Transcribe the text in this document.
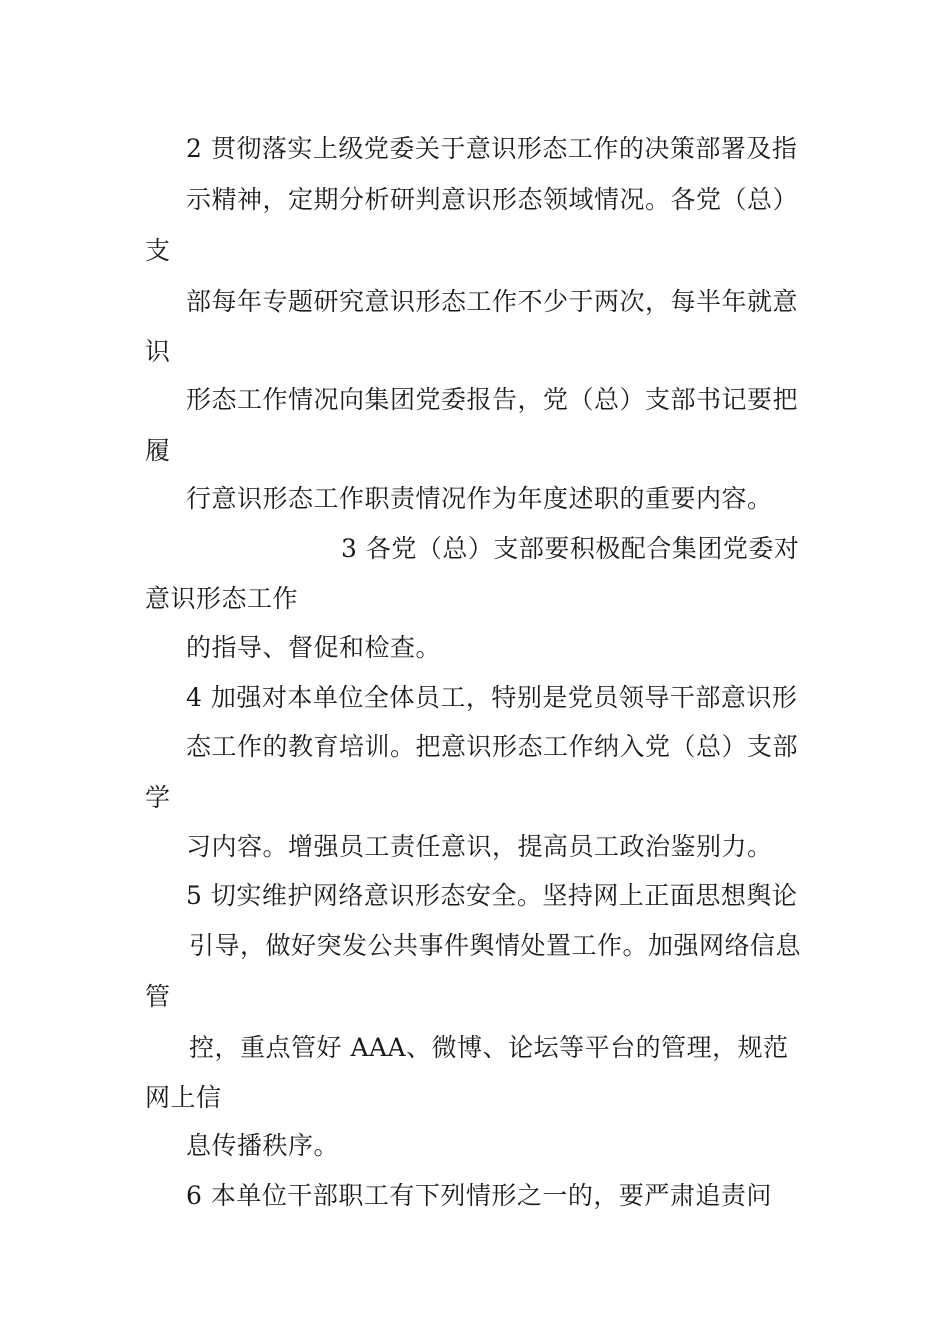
2 贯彻落实上级党委关于意识形态工作的决策部署及指
示精神，定期分析研判意识形态领域情况。各党（总）
支
部每年专题研究意识形态工作不少于两次，每半年就意
识
形态工作情况向集团党委报告，党（总）支部书记要把
履
行意识形态工作职责情况作为年度述职的重要内容。
3 各党（总）支部要积极配合集团党委对
意识形态工作
的指导、督促和检查。
4 加强对本单位全体员工，特别是党员领导干部意识形
态工作的教育培训。把意识形态工作纳入党（总）支部
学
习内容。增强员工责任意识，提高员工政治鉴别力。
5 切实维护网络意识形态安全。坚持网上正面思想舆论
引导，做好突发公共事件舆情处置工作。加强网络信息
管
控，重点管好 AAA、微博、论坛等平台的管理，规范
网上信
息传播秩序。
6 本单位干部职工有下列情形之一的，要严肃追责问
